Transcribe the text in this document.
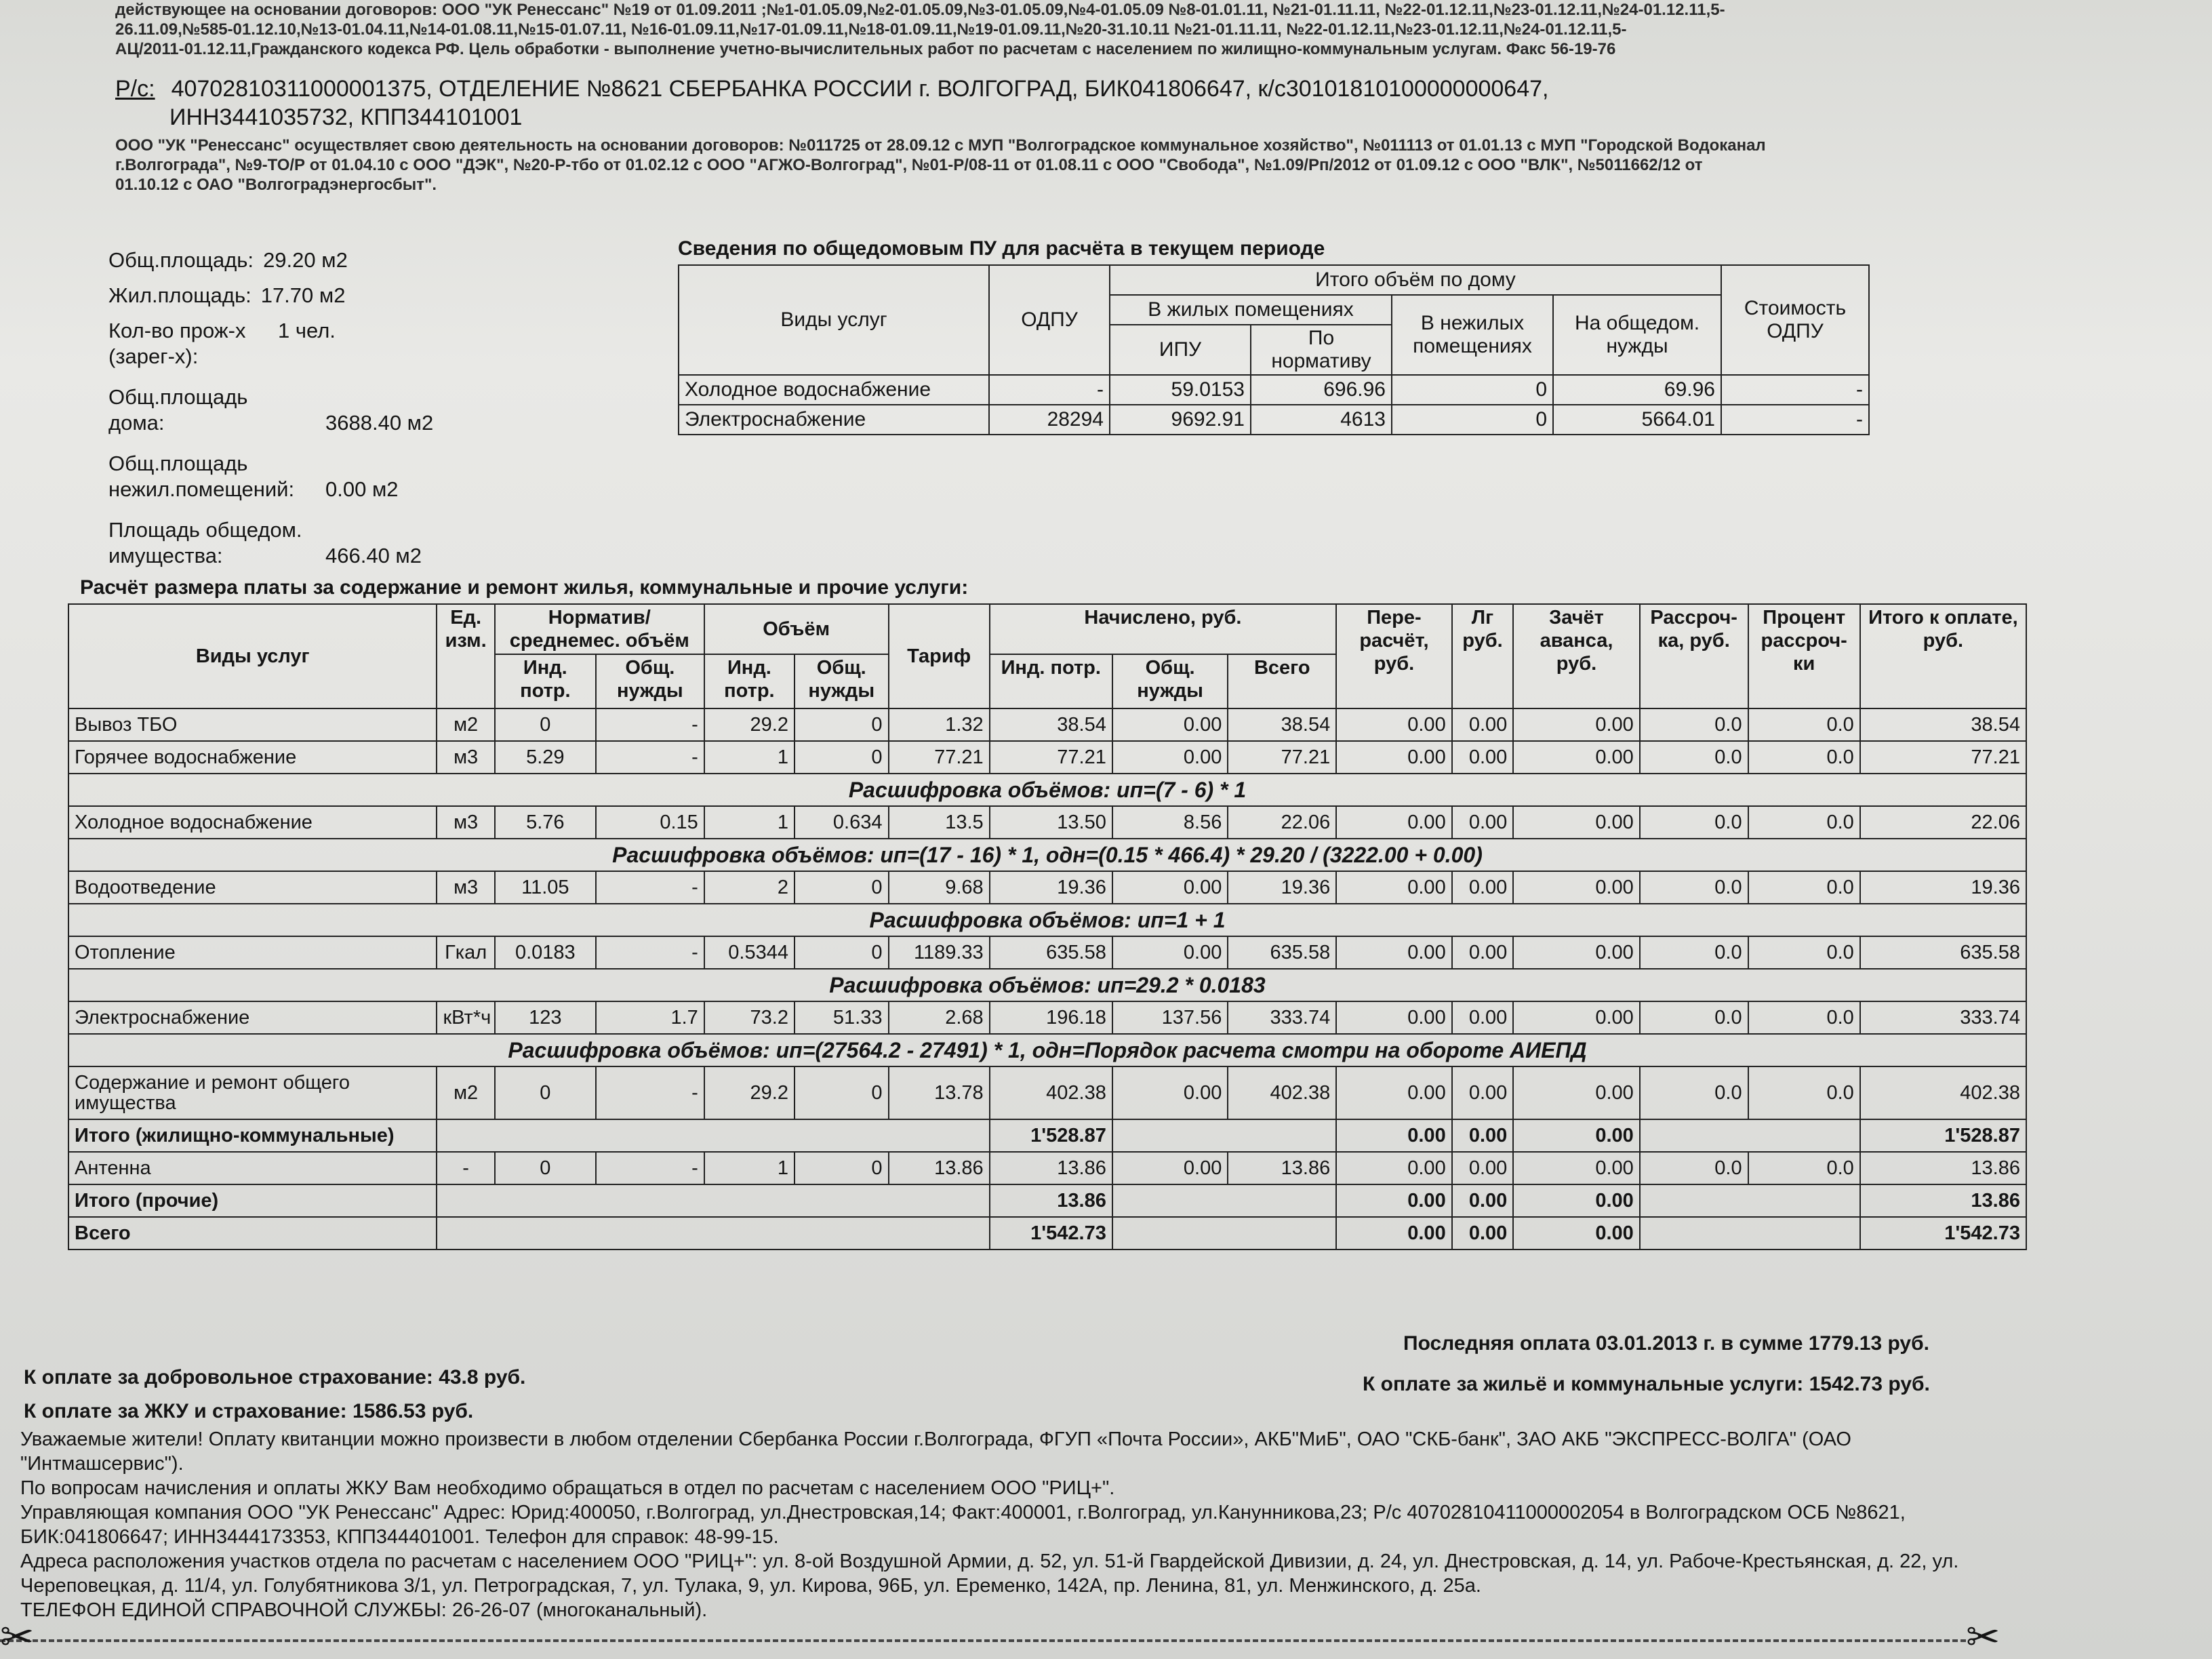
действующее на основании договоров: ООО "УК Ренессанс" №19 от 01.09.2011 ;№1-01.05.09,№2-01.05.09,№3-01.05.09,№4-01.05.09 №8-01.01.11, №21-01.11.11, №22-01.12.11,№23-01.12.11,№24-01.12.11,5-
26.11.09,№585-01.12.10,№13-01.04.11,№14-01.08.11,№15-01.07.11, №16-01.09.11,№17-01.09.11,№18-01.09.11,№19-01.09.11,№20-31.10.11 №21-01.11.11, №22-01.12.11,№23-01.12.11,№24-01.12.11,5-
АЦ/2011-01.12.11,Гражданского кодекса РФ. Цель обработки - выполнение учетно-вычислительных работ по расчетам с населением по жилищно-коммунальным услугам. Факс 56-19-76
Р/с: 40702810311000001375, ОТДЕЛЕНИЕ №8621 СБЕРБАНКА РОССИИ г. ВОЛГОГРАД, БИК041806647, к/с30101810100000000647,
ИНН3441035732, КПП344101001
ООО "УК "Ренессанс" осуществляет свою деятельность на основании договоров: №011725 от 28.09.12 с МУП "Волгоградское коммунальное хозяйство", №011113 от 01.01.13 с МУП "Городской Водоканал
г.Волгограда", №9-ТО/Р от 01.04.10 с ООО "ДЭК", №20-Р-тбо от 01.02.12 с ООО "АГЖО-Волгоград", №01-Р/08-11 от 01.08.11 с ООО "Свобода", №1.09/Рп/2012 от 01.09.12 с ООО "ВЛК", №5011662/12 от
01.10.12 с ОАО "Волгоградэнергосбыт".
Общ.площадь: 29.20 м2
Жил.площадь: 17.70 м2
Кол-во прож-х (зарег-х):
1 чел.
Общ.площадь дома:	3688.40 м2
Общ.площадь нежил.помещений:	0.00 м2
Площадь общедом. имущества:	466.40 м2
Сведения по общедомовым ПУ для расчёта в текущем периоде
Виды услуг	ОДПУ	Итого объём по дому				Стоимость ОДПУ
		В жилых помещениях		В нежилых помещениях	На общедом. нужды	
		ИПУ	По нормативу			
Холодное водоснабжение	-	59.0153	696.96	0	69.96	-
Электроснабжение	28294	9692.91	4613	0	5664.01	-
Расчёт размера платы за содержание и ремонт жилья, коммунальные и прочие услуги:
Виды услуг	Ед. изм.	Норматив/ среднемес. объём		Объём		Тариф	Начислено, руб.			Пере- расчёт, руб.	Лг руб.	Зачёт аванса, руб.	Рассроч- ка, руб.	Процент рассроч- ки	Итого к оплате, руб.
		Инд. потр.	Общ. нужды	Инд. потр.	Общ. нужды		Инд. потр.	Общ. нужды	Всего						
Вывоз ТБО	м2	0	-	29.2	0	1.32	38.54	0.00	38.54	0.00	0.00	0.00	0.0	0.0	38.54
Горячее водоснабжение	м3	5.29	-	1	0	77.21	77.21	0.00	77.21	0.00	0.00	0.00	0.0	0.0	77.21
Расшифровка объёмов: ип=(7 - 6) * 1															
Холодное водоснабжение	м3	5.76	0.15	1	0.634	13.5	13.50	8.56	22.06	0.00	0.00	0.00	0.0	0.0	22.06
Расшифровка объёмов: ип=(17 - 16) * 1, одн=(0.15 * 466.4) * 29.20 / (3222.00 + 0.00)															
Водоотведение	м3	11.05	-	2	0	9.68	19.36	0.00	19.36	0.00	0.00	0.00	0.0	0.0	19.36
Расшифровка объёмов: ип=1 + 1															
Отопление	Гкал	0.0183	-	0.5344	0	1189.33	635.58	0.00	635.58	0.00	0.00	0.00	0.0	0.0	635.58
Расшифровка объёмов: ип=29.2 * 0.0183															
Электроснабжение	кВт*ч	123	1.7	73.2	51.33	2.68	196.18	137.56	333.74	0.00	0.00	0.00	0.0	0.0	333.74
Расшифровка объёмов: ип=(27564.2 - 27491) * 1, одн=Порядок расчета смотри на обороте АИЕПД															
Содержание и ремонт общего имущества	м2	0	-	29.2	0	13.78	402.38	0.00	402.38	0.00	0.00	0.00	0.0	0.0	402.38
Итого (жилищно-коммунальные)							1'528.87			0.00	0.00	0.00			1'528.87
Антенна	-	0	-	1	0	13.86	13.86	0.00	13.86	0.00	0.00	0.00	0.0	0.0	13.86
Итого (прочие)							13.86			0.00	0.00	0.00			13.86
Всего							1'542.73			0.00	0.00	0.00			1'542.73
Последняя оплата 03.01.2013 г. в сумме 1779.13 руб.
К оплате за добровольное страхование: 43.8 руб.	К оплате за жильё и коммунальные услуги: 1542.73 руб.
К оплате за ЖКУ и страхование: 1586.53 руб.
Уважаемые жители! Оплату квитанции можно произвести в любом отделении Сбербанка России г.Волгограда, ФГУП «Почта России», АКБ"МиБ", ОАО "СКБ-банк", ЗАО АКБ "ЭКСПРЕСС-ВОЛГА" (ОАО "Интмашсервис").
По вопросам начисления и оплаты ЖКУ Вам необходимо обращаться в отдел по расчетам с населением ООО "РИЦ+".
Управляющая компания ООО "УК Ренессанс" Адрес: Юрид:400050, г.Волгоград, ул.Днестровская,14; Факт:400001, г.Волгоград, ул.Канунникова,23; Р/с 40702810411000002054 в Волгоградском ОСБ №8621, БИК:041806647; ИНН3444173353, КПП344401001. Телефон для справок: 48-99-15.
Адреса расположения участков отдела по расчетам с населением ООО "РИЦ+": ул. 8-ой Воздушной Армии, д. 52, ул. 51-й Гвардейской Дивизии, д. 24, ул. Днестровская, д. 14, ул. Рабоче-Крестьянская, д. 22, ул. Череповецкая, д. 11/4, ул. Голубятникова 3/1, ул. Петроградская, 7, ул. Тулака, 9, ул. Кирова, 96Б, ул. Еременко, 142А, пр. Ленина, 81, ул. Менжинского, д. 25а.
ТЕЛЕФОН ЕДИНОЙ СПРАВОЧНОЙ СЛУЖБЫ: 26-26-07 (многоканальный).
✂	✂
